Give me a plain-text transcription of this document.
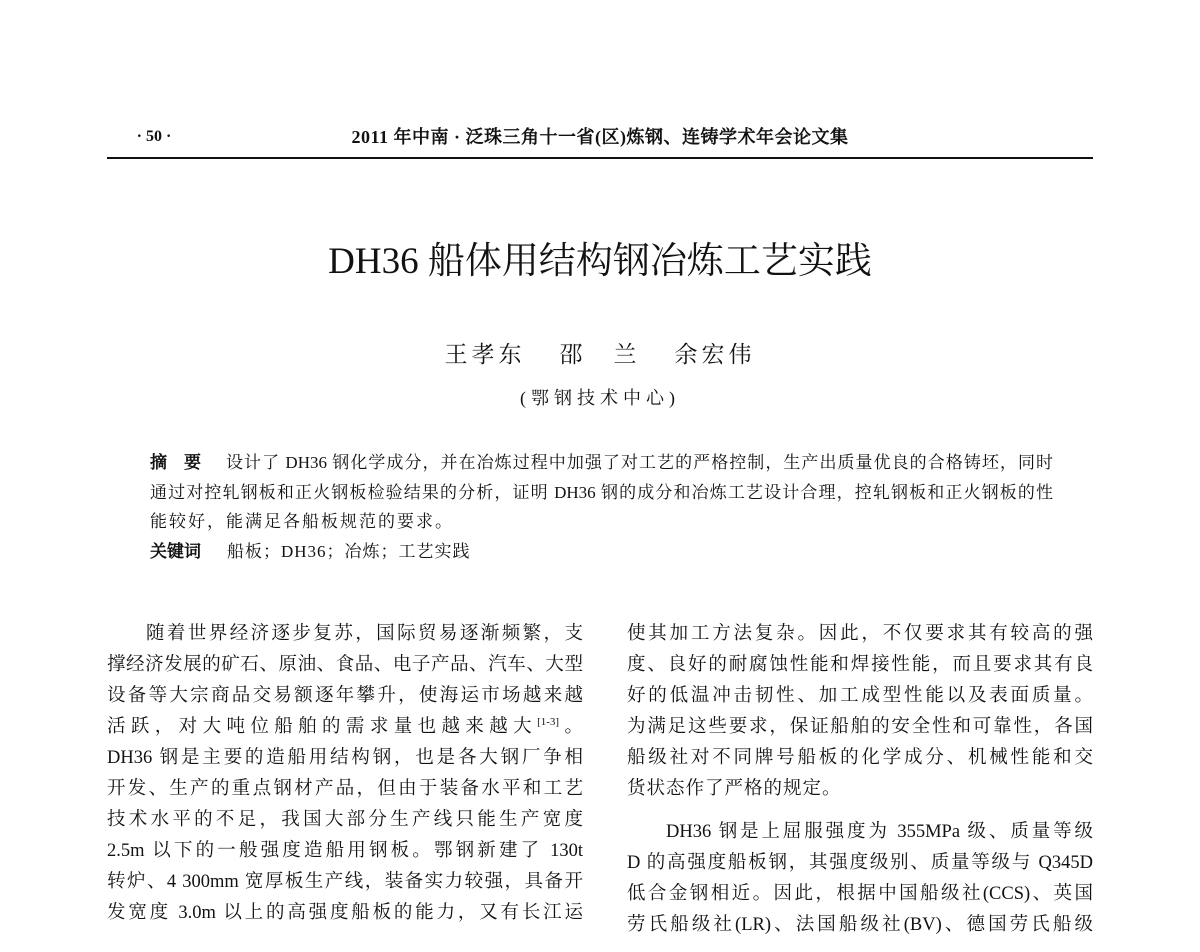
· 50 ·	2011 年中南 · 泛珠三角十一省(区)炼钢、连铸学术年会论文集
DH36 船体用结构钢冶炼工艺实践
王孝东 邵　兰 余宏伟
(鄂钢技术中心)
摘　要	设计了 DH36 钢化学成分，并在冶炼过程中加强了对工艺的严格控制，生产出质量优良的合格铸坯，同时
通过对控轧钢板和正火钢板检验结果的分析，证明 DH36 钢的成分和冶炼工艺设计合理，控轧钢板和正火钢板的性
能较好，能满足各船板规范的要求。
关键词	船板；DH36；冶炼；工艺实践
随着世界经济逐步复苏，国际贸易逐渐频繁，支
撑经济发展的矿石、原油、食品、电子产品、汽车、大型
设备等大宗商品交易额逐年攀升，使海运市场越来越
活跃，对大吨位船舶的需求量也越来越大[1-3]。
DH36 钢是主要的造船用结构钢，也是各大钢厂争相
开发、生产的重点钢材产品，但由于装备水平和工艺
技术水平的不足，我国大部分生产线只能生产宽度
2.5m 以下的一般强度造船用钢板。鄂钢新建了 130t
转炉、4 300mm 宽厚板生产线，装备实力较强，具备开
发宽度 3.0m 以上的高强度船板的能力，又有长江运
使其加工方法复杂。因此，不仅要求其有较高的强
度、良好的耐腐蚀性能和焊接性能，而且要求其有良
好的低温冲击韧性、加工成型性能以及表面质量。
为满足这些要求，保证船舶的安全性和可靠性，各国
船级社对不同牌号船板的化学成分、机械性能和交
货状态作了严格的规定。
DH36 钢是上屈服强度为 355MPa 级、质量等级
D 的高强度船板钢，其强度级别、质量等级与 Q345D
低合金钢相近。因此，根据中国船级社(CCS)、英国
劳氏船级社(LR)、法国船级社(BV)、德国劳氏船级
